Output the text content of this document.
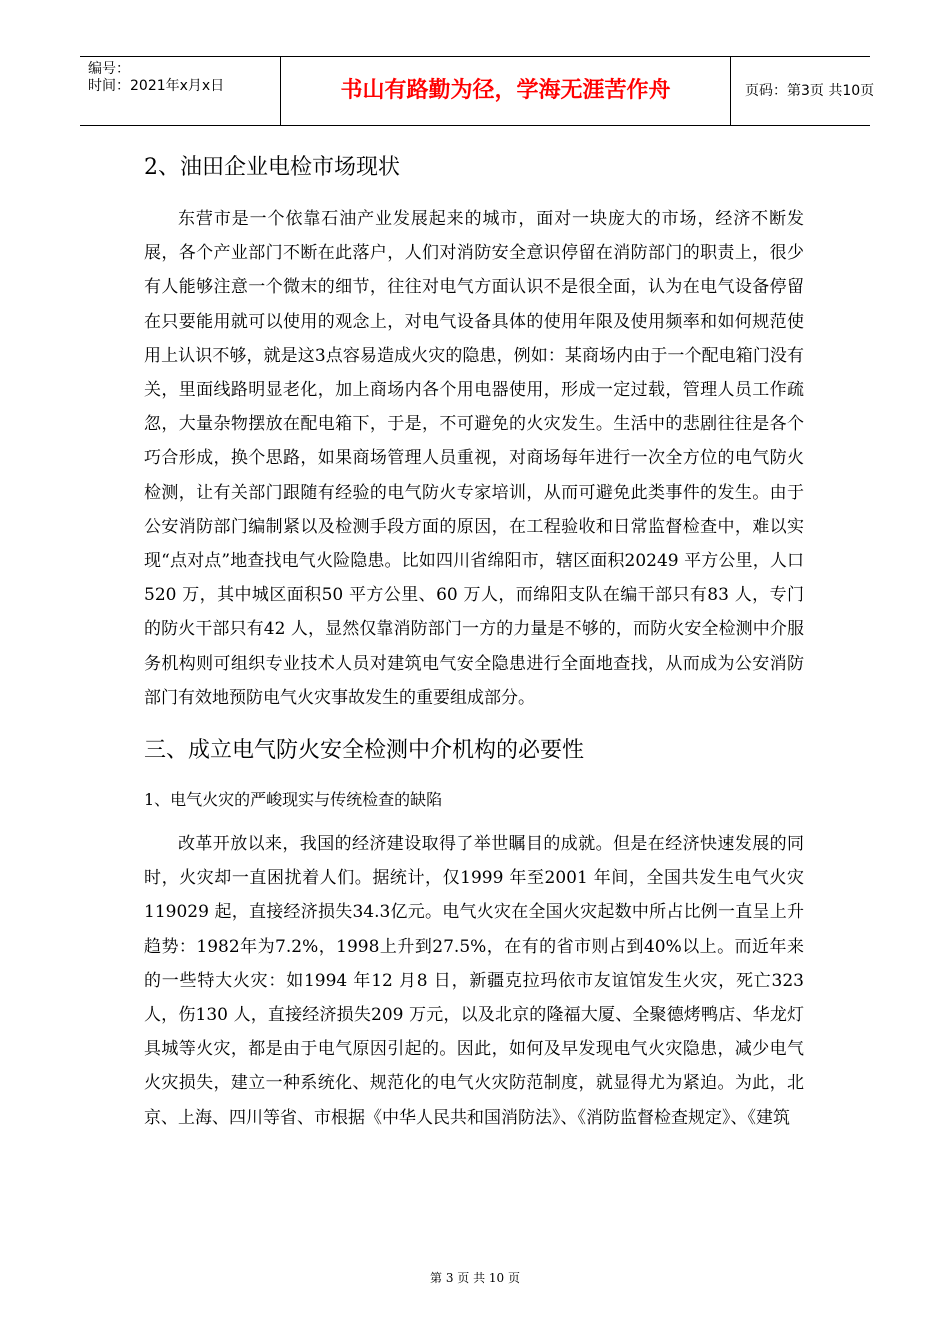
编号：
时间：2021年x月x日	书山有路勤为径，学海无涯苦作舟	页码：第3页 共10页
2、油田企业电检市场现状

东营市是一个依靠石油产业发展起来的城市，面对一块庞大的市场，经济不断发展，各个产业部门不断在此落户，人们对消防安全意识停留在消防部门的职责上，很少有人能够注意一个微末的细节，往往对电气方面认识不是很全面，认为在电气设备停留在只要能用就可以使用的观念上，对电气设备具体的使用年限及使用频率和如何规范使用上认识不够，就是这3点容易造成火灾的隐患，例如：某商场内由于一个配电箱门没有关，里面线路明显老化，加上商场内各个用电器使用，形成一定过载，管理人员工作疏忽，大量杂物摆放在配电箱下，于是，不可避免的火灾发生。生活中的悲剧往往是各个巧合形成，换个思路，如果商场管理人员重视，对商场每年进行一次全方位的电气防火检测，让有关部门跟随有经验的电气防火专家培训，从而可避免此类事件的发生。由于公安消防部门编制紧以及检测手段方面的原因，在工程验收和日常监督检查中，难以实现“点对点”地查找电气火险隐患。比如四川省绵阳市，辖区面积20249 平方公里，人口520 万，其中城区面积50 平方公里、60 万人，而绵阳支队在编干部只有83 人，专门的防火干部只有42 人，显然仅靠消防部门一方的力量是不够的，而防火安全检测中介服务机构则可组织专业技术人员对建筑电气安全隐患进行全面地查找，从而成为公安消防部门有效地预防电气火灾事故发生的重要组成部分。

三、成立电气防火安全检测中介机构的必要性
1、电气火灾的严峻现实与传统检查的缺陷

改革开放以来，我国的经济建设取得了举世瞩目的成就。但是在经济快速发展的同时，火灾却一直困扰着人们。据统计，仅1999 年至2001 年间，全国共发生电气火灾119029 起，直接经济损失34.3亿元。电气火灾在全国火灾起数中所占比例一直呈上升趋势：1982年为7.2%，1998上升到27.5%，在有的省市则占到40%以上。而近年来的一些特大火灾：如1994 年12 月8 日，新疆克拉玛依市友谊馆发生火灾，死亡323 人，伤130 人，直接经济损失209 万元，以及北京的隆福大厦、全聚德烤鸭店、华龙灯具城等火灾，都是由于电气原因引起的。因此，如何及早发现电气火灾隐患，减少电气火灾损失，建立一种系统化、规范化的电气火灾防范制度，就显得尤为紧迫。为此，北京、上海、四川等省、市根据《中华人民共和国消防法》、《消防监督检查规定》、《建筑

第 3 页 共 10 页
